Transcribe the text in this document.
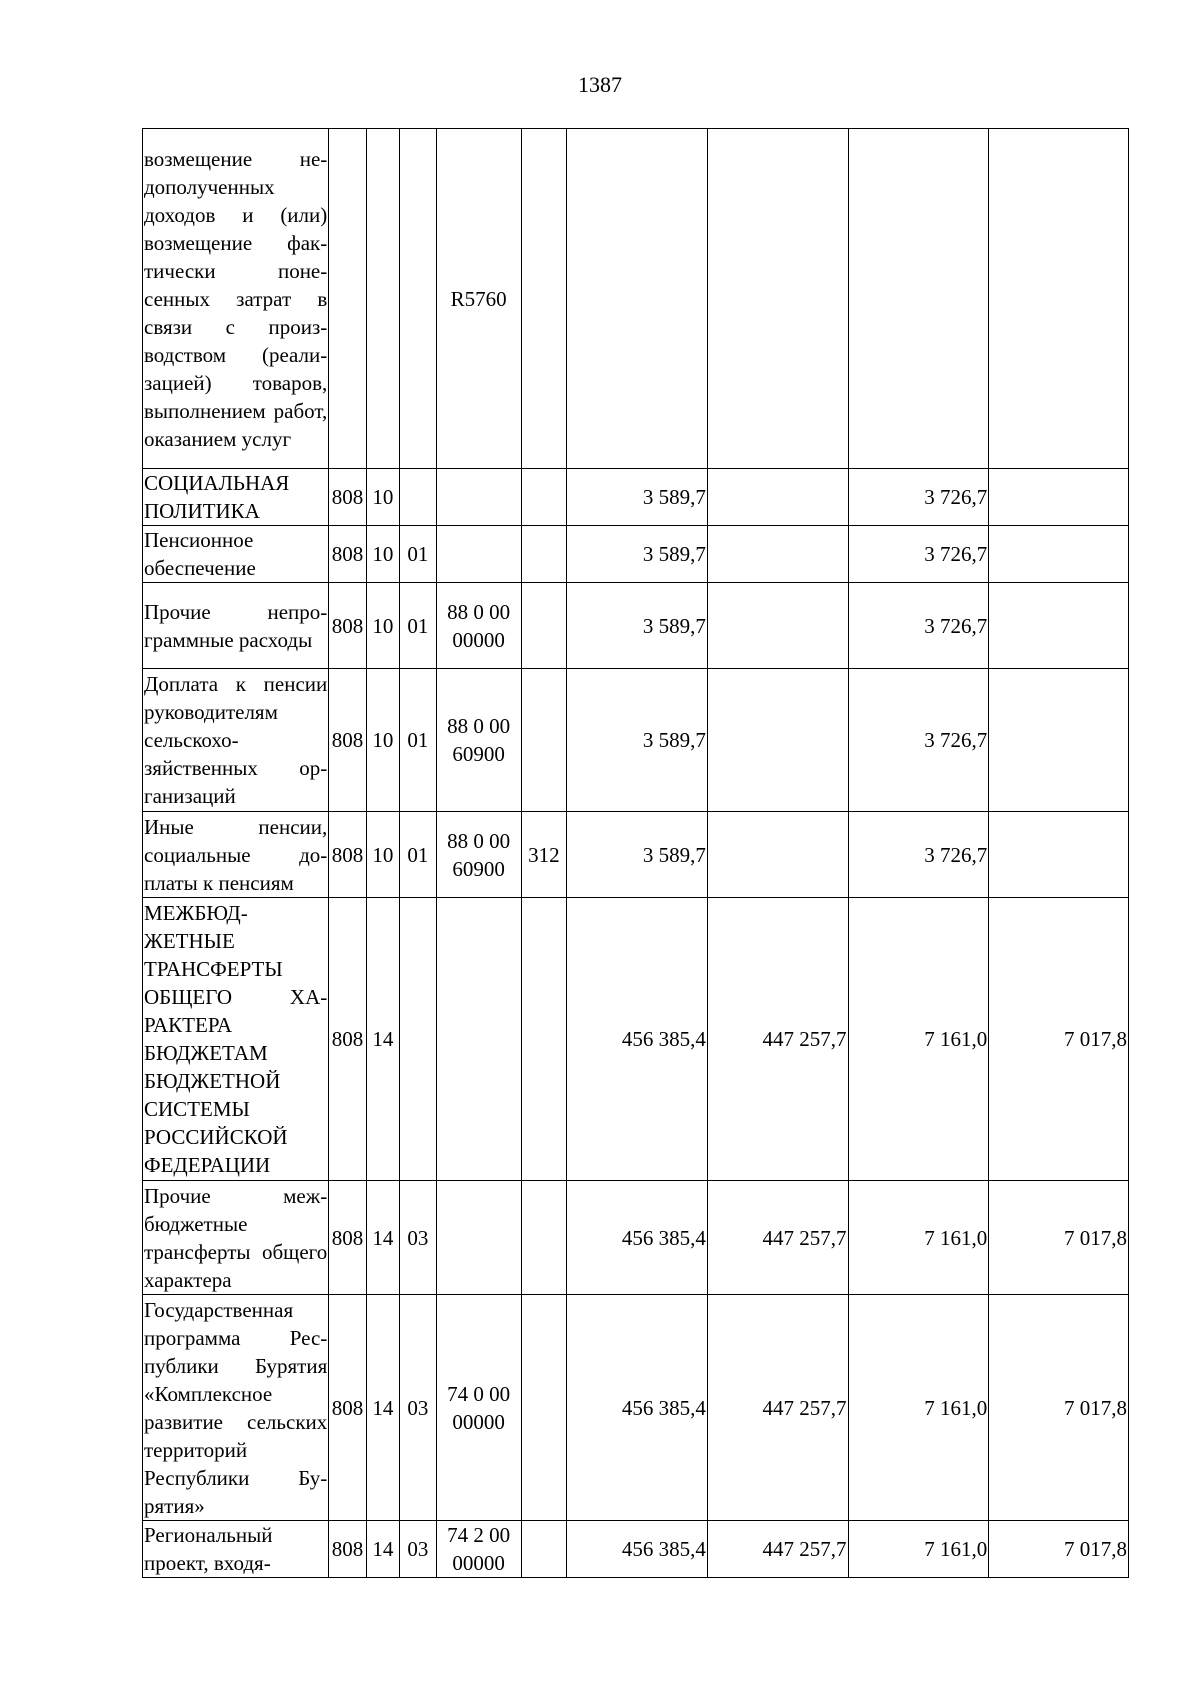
1387
возмещение недополученных доходов и (или) возмещение фактически понесенных затрат в связи с производством (реализацией) товаров, выполнением работ, оказанием услуг				R5760					
СОЦИАЛЬНАЯ ПОЛИТИКА	808	10				3 589,7		3 726,7	
Пенсионное обеспечение	808	10	01			3 589,7		3 726,7	
Прочие непрограммные расходы	808	10	01	88 0 00 00000		3 589,7		3 726,7	
Доплата к пенсии руководителям сельскохозяйственных организаций	808	10	01	88 0 00 60900		3 589,7		3 726,7	
Иные пенсии, социальные доплаты к пенсиям	808	10	01	88 0 00 60900	312	3 589,7		3 726,7	
МЕЖБЮДЖЕТНЫЕ ТРАНСФЕРТЫ ОБЩЕГО ХАРАКТЕРА БЮДЖЕТАМ БЮДЖЕТНОЙ СИСТЕМЫ РОССИЙСКОЙ ФЕДЕРАЦИИ	808	14				456 385,4	447 257,7	7 161,0	7 017,8
Прочие межбюджетные трансферты общего характера	808	14	03			456 385,4	447 257,7	7 161,0	7 017,8
Государственная программа Республики Бурятия «Комплексное развитие сельских территорий Республики Бурятия»	808	14	03	74 0 00 00000		456 385,4	447 257,7	7 161,0	7 017,8
Региональный проект, входя-	808	14	03	74 2 00 00000		456 385,4	447 257,7	7 161,0	7 017,8
